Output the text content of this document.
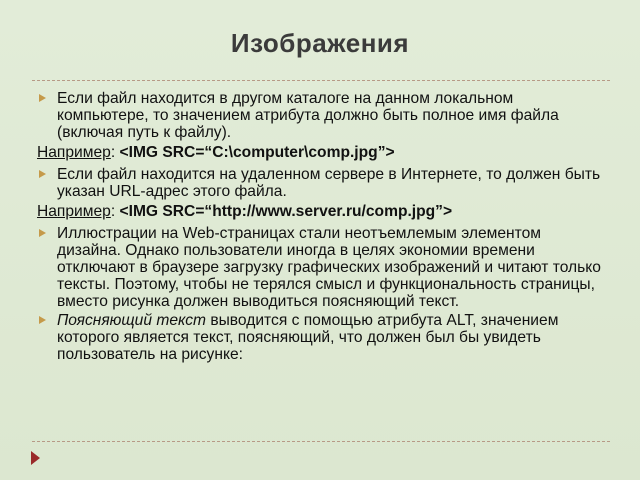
Изображения
Если файл находится в другом каталоге на данном локальном компьютере, то значением атрибута должно быть полное имя файла (включая путь к файлу).
Например: <IMG SRC=“C:\computer\comp.jpg”>
Если файл находится на удаленном сервере в Интернете, то должен быть указан URL-адрес этого файла.
Например: <IMG SRC=“http://www.server.ru/comp.jpg”>
Иллюстрации на Web-страницах стали неотъемлемым элементом дизайна. Однако пользователи иногда в целях экономии времени отключают в браузере загрузку графических изображений и читают только тексты. Поэтому, чтобы не терялся смысл и функциональность страницы, вместо рисунка должен выводиться поясняющий текст.
Поясняющий текст выводится с помощью атрибута ALT, значением которого является текст, поясняющий, что должен был бы увидеть пользователь на рисунке:
